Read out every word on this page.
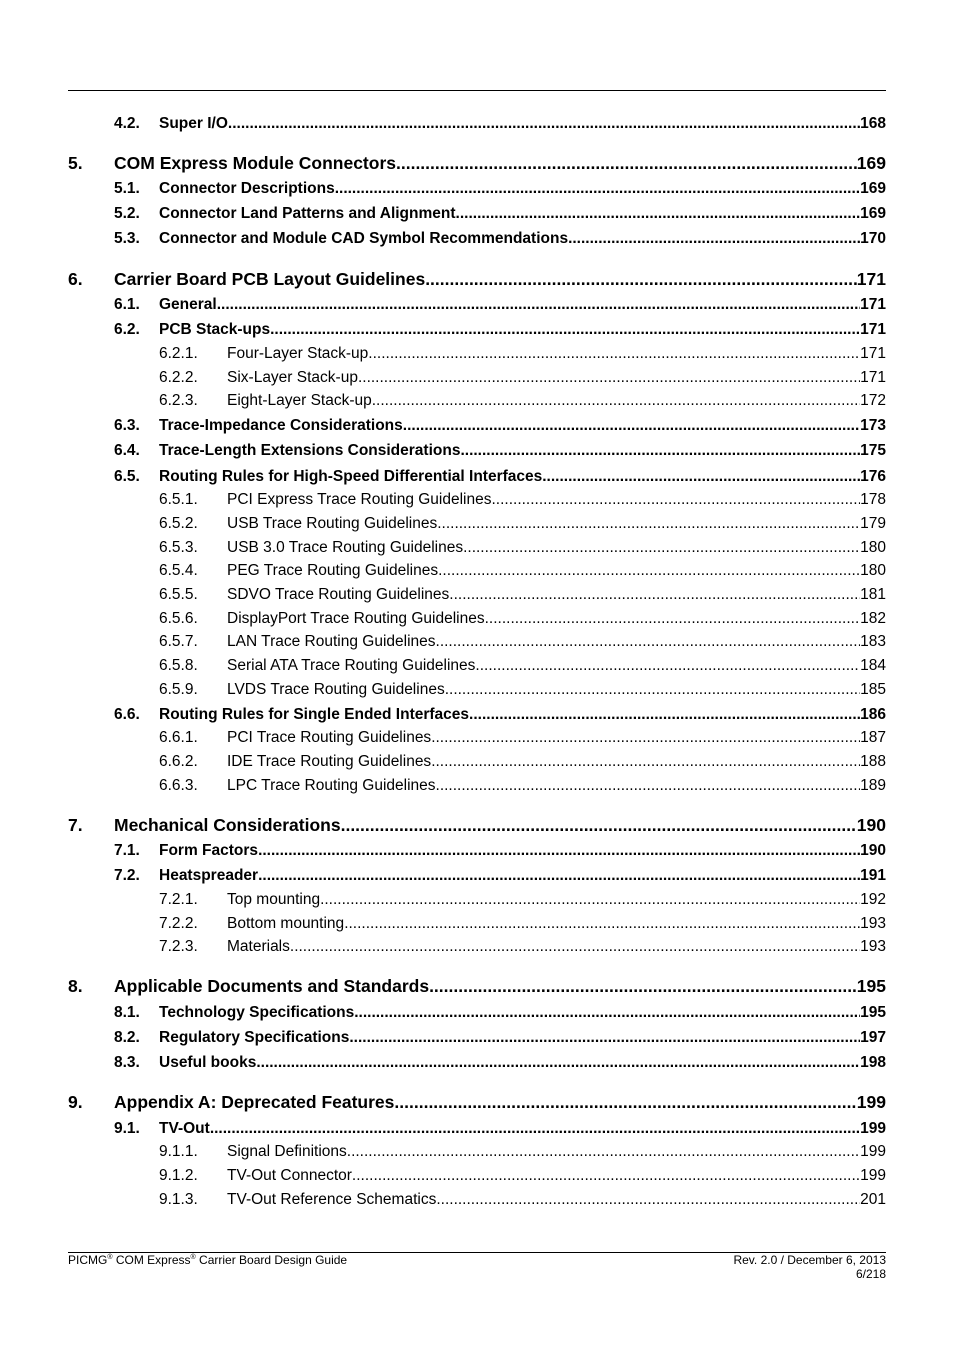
4.2. Super I/O .....	168
5. COM Express Module Connectors .....	169
5.1. Connector Descriptions .....	169
5.2. Connector Land Patterns and Alignment .....	169
5.3. Connector and Module CAD Symbol Recommendations .....	170
6. Carrier Board PCB Layout Guidelines .....	171
6.1. General .....	171
6.2. PCB Stack-ups .....	171
6.2.1. Four-Layer Stack-up .....	171
6.2.2. Six-Layer Stack-up .....	171
6.2.3. Eight-Layer Stack-up .....	172
6.3. Trace-Impedance Considerations .....	173
6.4. Trace-Length Extensions Considerations .....	175
6.5. Routing Rules for High-Speed Differential Interfaces .....	176
6.5.1. PCI Express Trace Routing Guidelines .....	178
6.5.2. USB Trace Routing Guidelines .....	179
6.5.3. USB 3.0 Trace Routing Guidelines .....	180
6.5.4. PEG Trace Routing Guidelines .....	180
6.5.5. SDVO Trace Routing Guidelines .....	181
6.5.6. DisplayPort Trace Routing Guidelines .....	182
6.5.7. LAN Trace Routing Guidelines .....	183
6.5.8. Serial ATA Trace Routing Guidelines .....	184
6.5.9. LVDS Trace Routing Guidelines .....	185
6.6. Routing Rules for Single Ended Interfaces .....	186
6.6.1. PCI Trace Routing Guidelines .....	187
6.6.2. IDE Trace Routing Guidelines .....	188
6.6.3. LPC Trace Routing Guidelines .....	189
7. Mechanical Considerations .....	190
7.1. Form Factors .....	190
7.2. Heatspreader .....	191
7.2.1. Top mounting .....	192
7.2.2. Bottom mounting .....	193
7.2.3. Materials .....	193
8. Applicable Documents and Standards .....	195
8.1. Technology Specifications .....	195
8.2. Regulatory Specifications .....	197
8.3. Useful books .....	198
9. Appendix A: Deprecated Features .....	199
9.1. TV-Out .....	199
9.1.1. Signal Definitions .....	199
9.1.2. TV-Out Connector .....	199
9.1.3. TV-Out Reference Schematics .....	201
PICMG® COM Express® Carrier Board Design Guide	Rev. 2.0 / December 6, 2013
6/218
